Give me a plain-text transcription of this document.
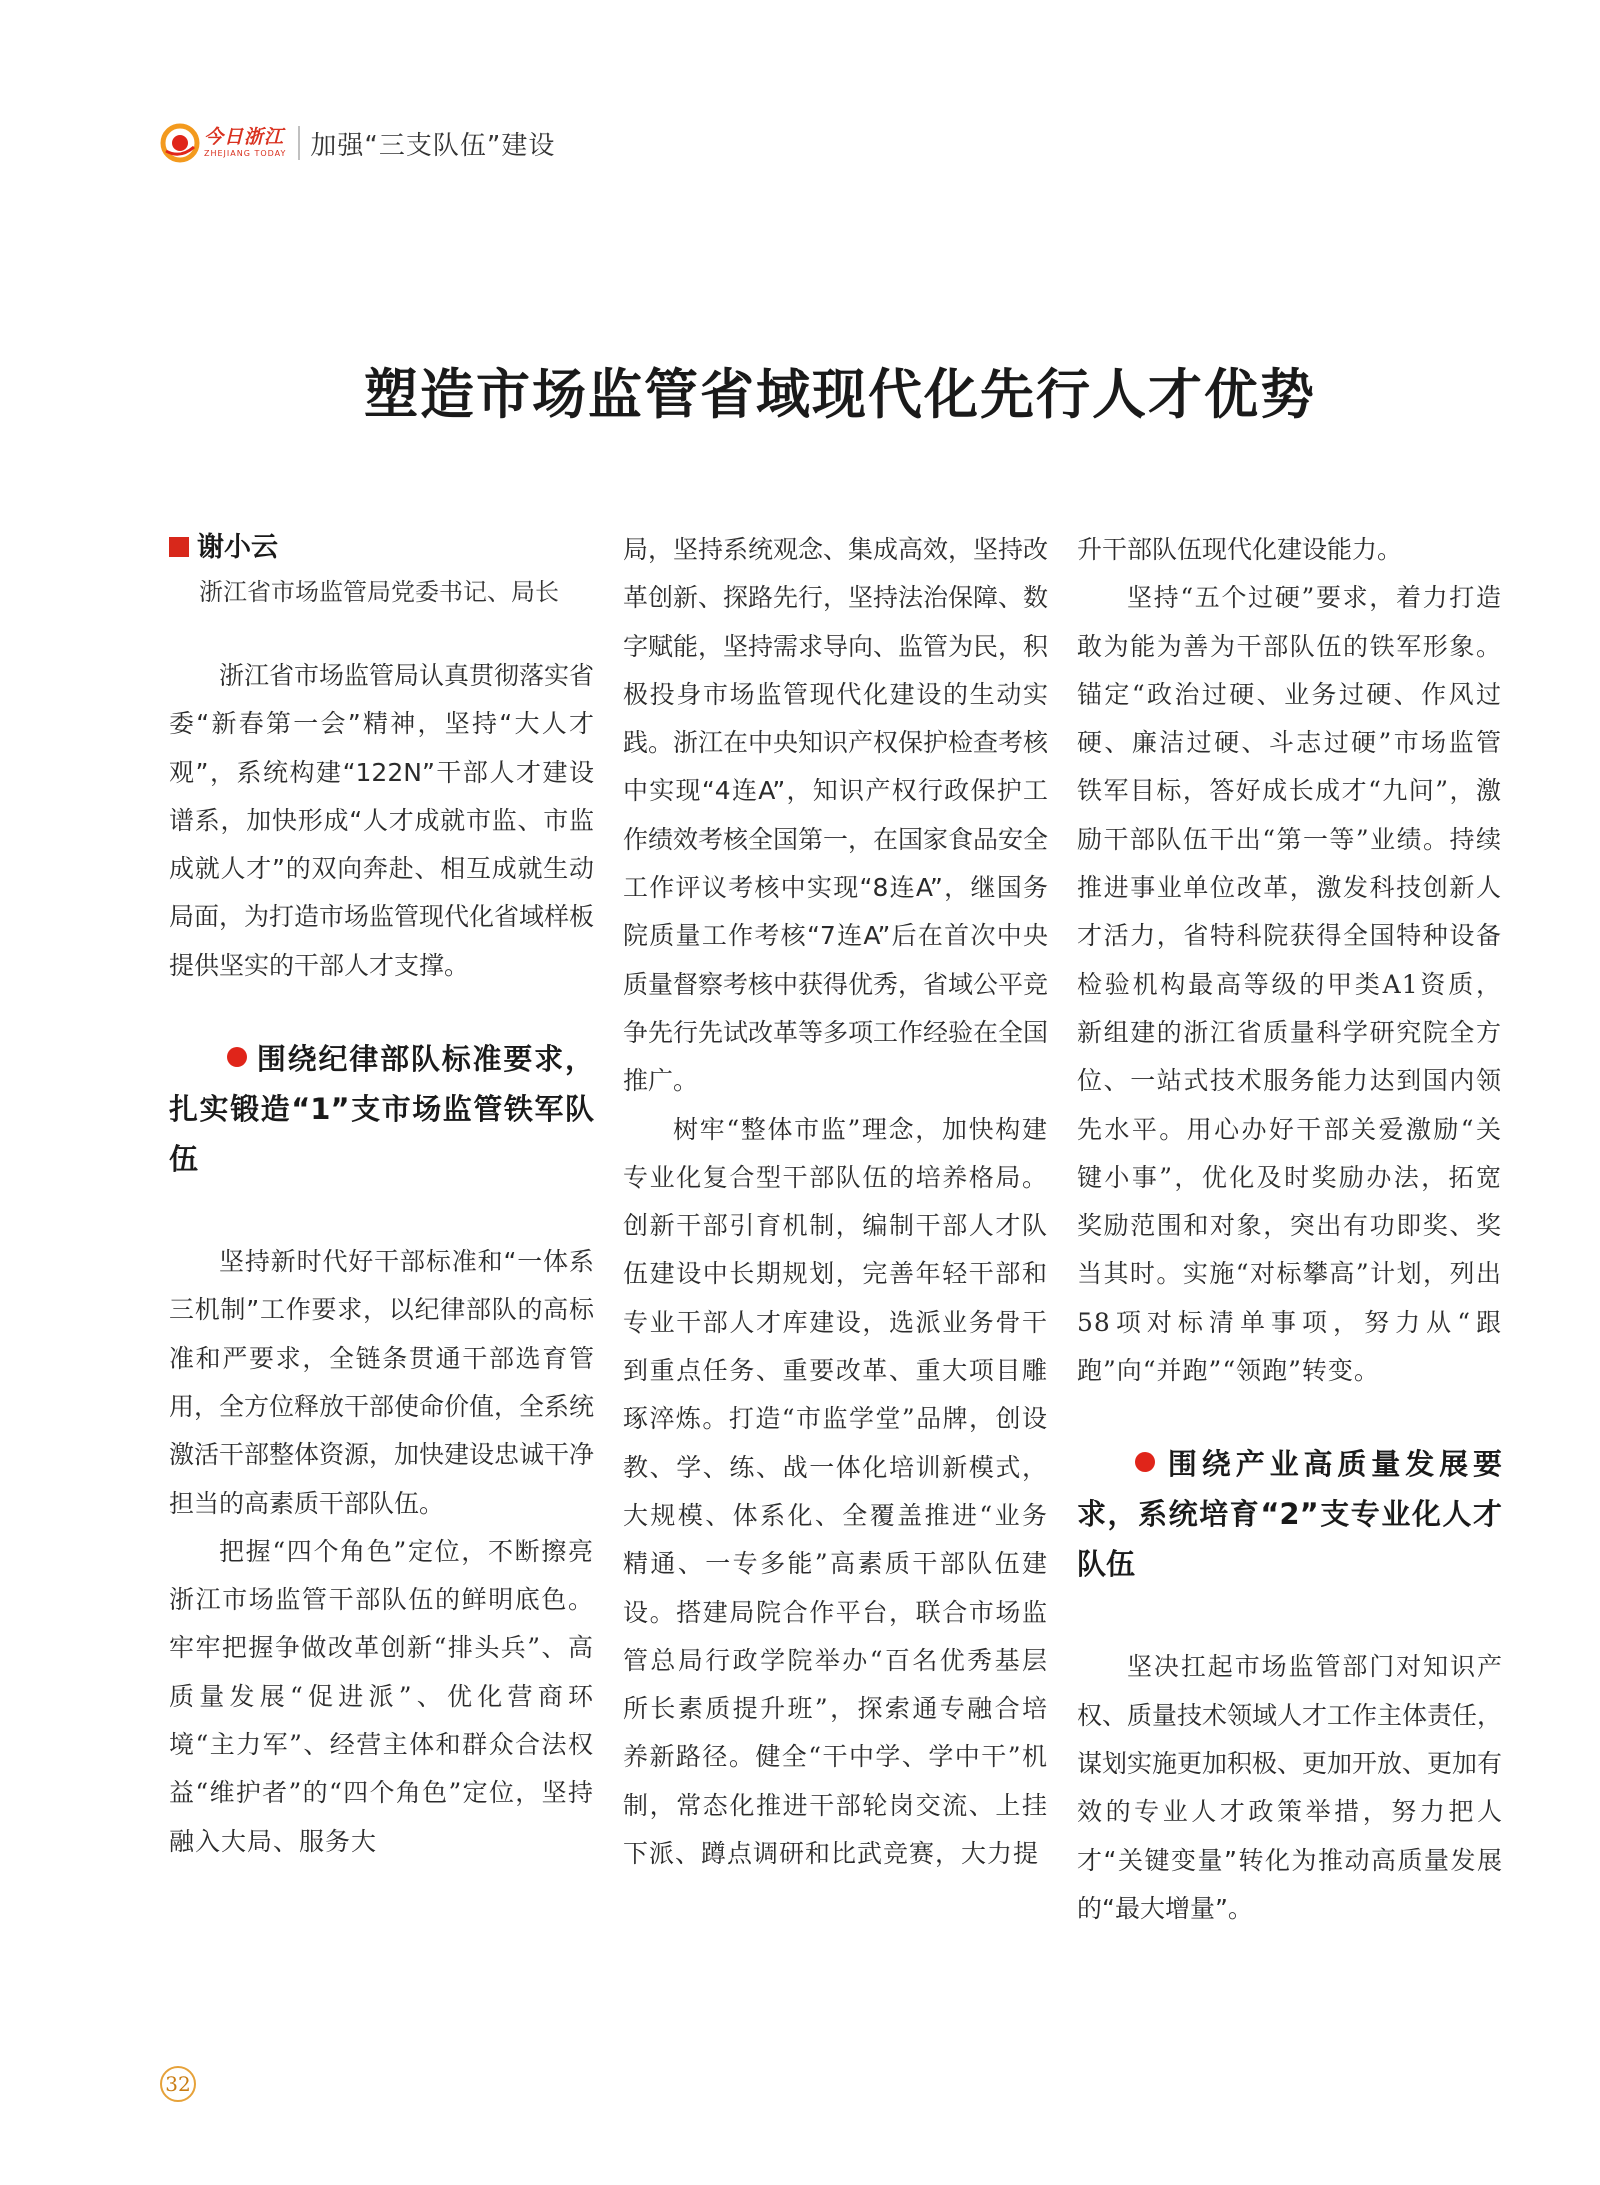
今日浙江
ZHEJIANG TODAY 加强“三支队伍”建设
塑造市场监管省域现代化先行人才优势
谢小云
浙江省市场监管局党委书记、局长

浙江省市场监管局认真贯彻落实省委“新春第一会”精神，坚持“大人才观”，系统构建“122N”干部人才建设谱系，加快形成“人才成就市监、市监成就人才”的双向奔赴、相互成就生动局面，为打造市场监管现代化省域样板提供坚实的干部人才支撑。

围绕纪律部队标准要求，扎实锻造“1”支市场监管铁军队伍

坚持新时代好干部标准和“一体系三机制”工作要求，以纪律部队的高标准和严要求，全链条贯通干部选育管用，全方位释放干部使命价值，全系统激活干部整体资源，加快建设忠诚干净担当的高素质干部队伍。

把握“四个角色”定位，不断擦亮浙江市场监管干部队伍的鲜明底色。牢牢把握争做改革创新“排头兵”、高质量发展“促进派”、优化营商环境“主力军”、经营主体和群众合法权益“维护者”的“四个角色”定位，坚持融入大局、服务大

局，坚持系统观念、集成高效，坚持改革创新、探路先行，坚持法治保障、数字赋能，坚持需求导向、监管为民，积极投身市场监管现代化建设的生动实践。浙江在中央知识产权保护检查考核中实现“4连A”，知识产权行政保护工作绩效考核全国第一，在国家食品安全工作评议考核中实现“8连A”，继国务院质量工作考核“7连A”后在首次中央质量督察考核中获得优秀，省域公平竞争先行先试改革等多项工作经验在全国推广。

树牢“整体市监”理念，加快构建专业化复合型干部队伍的培养格局。创新干部引育机制，编制干部人才队伍建设中长期规划，完善年轻干部和专业干部人才库建设，选派业务骨干到重点任务、重要改革、重大项目雕琢淬炼。打造“市监学堂”品牌，创设教、学、练、战一体化培训新模式，大规模、体系化、全覆盖推进“业务精通、一专多能”高素质干部队伍建设。搭建局院合作平台，联合市场监管总局行政学院举办“百名优秀基层所长素质提升班”，探索通专融合培养新路径。健全“干中学、学中干”机制，常态化推进干部轮岗交流、上挂下派、蹲点调研和比武竞赛，大力提

升干部队伍现代化建设能力。

坚持“五个过硬”要求，着力打造敢为能为善为干部队伍的铁军形象。锚定“政治过硬、业务过硬、作风过硬、廉洁过硬、斗志过硬”市场监管铁军目标，答好成长成才“九问”，激励干部队伍干出“第一等”业绩。持续推进事业单位改革，激发科技创新人才活力，省特科院获得全国特种设备检验机构最高等级的甲类A1资质，新组建的浙江省质量科学研究院全方位、一站式技术服务能力达到国内领先水平。用心办好干部关爱激励“关键小事”，优化及时奖励办法，拓宽奖励范围和对象，突出有功即奖、奖当其时。实施“对标攀高”计划，列出58项对标清单事项，努力从“跟跑”向“并跑”“领跑”转变。

围绕产业高质量发展要求，系统培育“2”支专业化人才队伍

坚决扛起市场监管部门对知识产权、质量技术领域人才工作主体责任，谋划实施更加积极、更加开放、更加有效的专业人才政策举措，努力把人才“关键变量”转化为推动高质量发展的“最大增量”。

32
